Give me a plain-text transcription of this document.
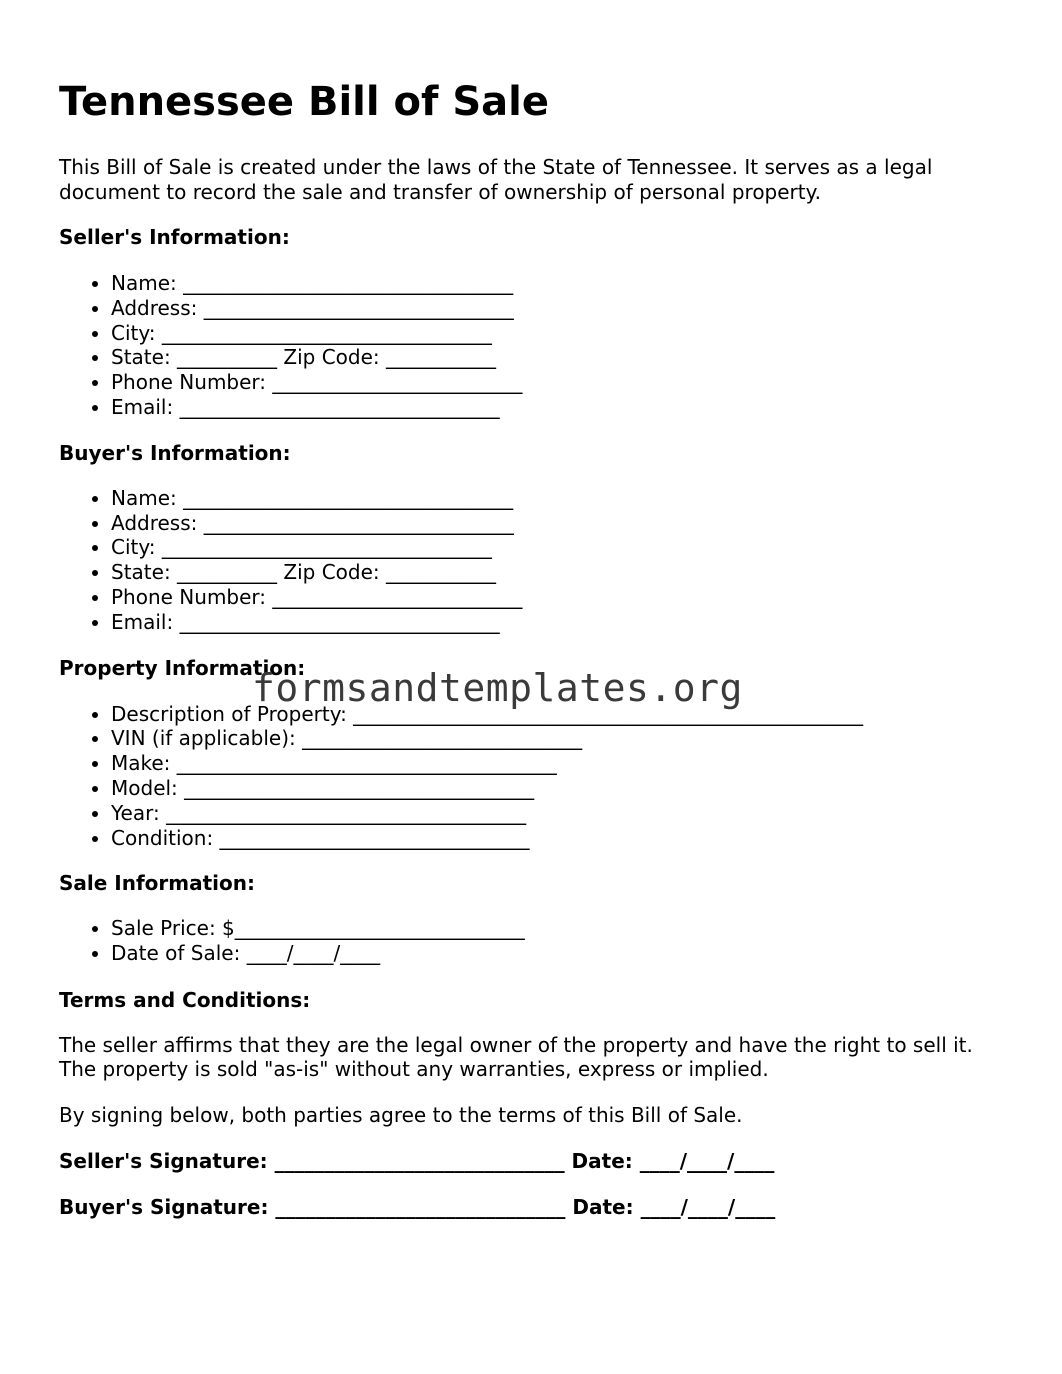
Tennessee Bill of Sale

This Bill of Sale is created under the laws of the State of Tennessee. It serves as a legal document to record the sale and transfer of ownership of personal property.

Seller's Information:

• Name: _________________________________
• Address: _______________________________
• City: _________________________________
• State: __________ Zip Code: ___________
• Phone Number: _________________________
• Email: ________________________________

Buyer's Information:

• Name: _________________________________
• Address: _______________________________
• City: _________________________________
• State: __________ Zip Code: ___________
• Phone Number: _________________________
• Email: ________________________________

Property Information:

• Description of Property: ___________________________________________________
• VIN (if applicable): ____________________________
• Make: ______________________________________
• Model: ___________________________________
• Year: ____________________________________
• Condition: _______________________________

Sale Information:

• Sale Price: $_____________________________
• Date of Sale: ____/____/____

Terms and Conditions:

The seller affirms that they are the legal owner of the property and have the right to sell it. The property is sold "as-is" without any warranties, express or implied.

By signing below, both parties agree to the terms of this Bill of Sale.

Seller's Signature: _____________________________ Date: ____/____/____

Buyer's Signature: _____________________________ Date: ____/____/____

formsandtemplates.org
